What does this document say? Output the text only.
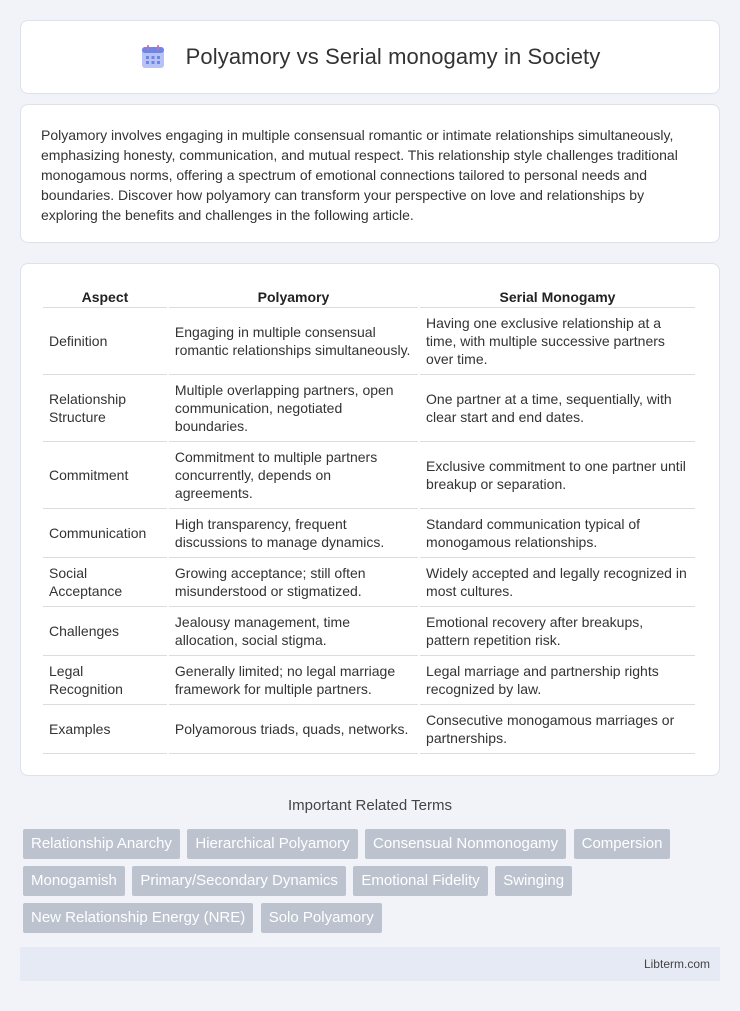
Polyamory vs Serial monogamy in Society

Polyamory involves engaging in multiple consensual romantic or intimate relationships simultaneously, emphasizing honesty, communication, and mutual respect. This relationship style challenges traditional monogamous norms, offering a spectrum of emotional connections tailored to personal needs and boundaries. Discover how polyamory can transform your perspective on love and relationships by exploring the benefits and challenges in the following article.

Aspect	Polyamory	Serial Monogamy
Definition	Engaging in multiple consensual romantic relationships simultaneously.	Having one exclusive relationship at a time, with multiple successive partners over time.
Relationship Structure	Multiple overlapping partners, open communication, negotiated boundaries.	One partner at a time, sequentially, with clear start and end dates.
Commitment	Commitment to multiple partners concurrently, depends on agreements.	Exclusive commitment to one partner until breakup or separation.
Communication	High transparency, frequent discussions to manage dynamics.	Standard communication typical of monogamous relationships.
Social Acceptance	Growing acceptance; still often misunderstood or stigmatized.	Widely accepted and legally recognized in most cultures.
Challenges	Jealousy management, time allocation, social stigma.	Emotional recovery after breakups, pattern repetition risk.
Legal Recognition	Generally limited; no legal marriage framework for multiple partners.	Legal marriage and partnership rights recognized by law.
Examples	Polyamorous triads, quads, networks.	Consecutive monogamous marriages or partnerships.
Important Related Terms
Relationship Anarchy Hierarchical Polyamory Consensual Nonmonogamy Compersion Monogamish Primary/Secondary Dynamics Emotional Fidelity Swinging New Relationship Energy (NRE) Solo Polyamory
Libterm.com
